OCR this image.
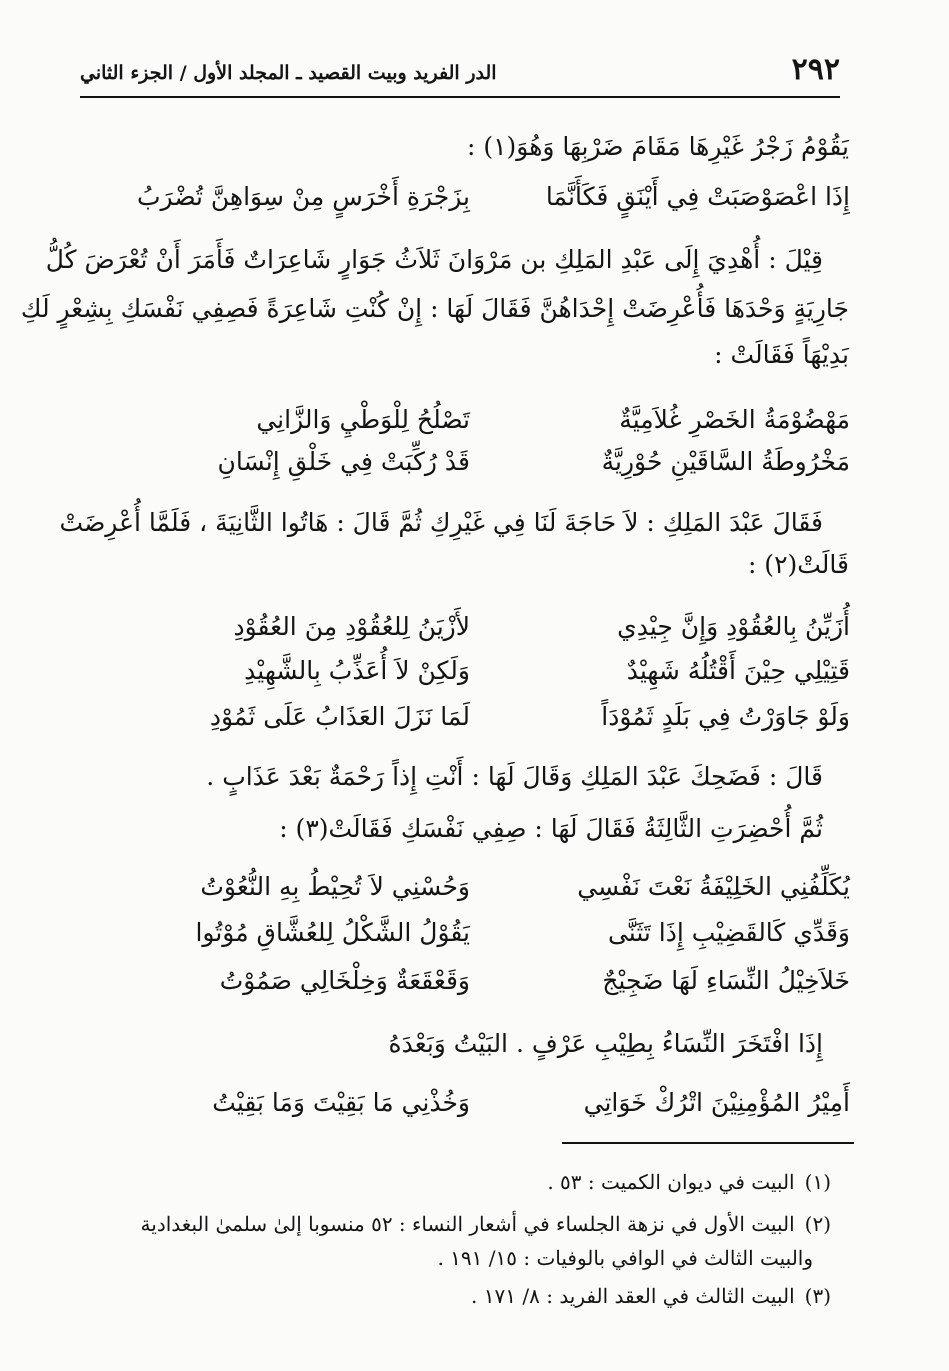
٢٩٢
الدر الفريد وبيت القصيد ـ المجلد الأول / الجزء الثاني
يَقُوْمُ زَجْرُ غَيْرِهَا مَقَامَ ضَرْبِهَا وَهُوَ(١) :
إِذَا اعْصَوْصَبَتْ فِي أَيْنَقٍ فَكَأَنَّمَا
بِزَجْرَةِ أَخْرَسٍ مِنْ سِوَاهِنَّ تُضْرَبُ
قِيْلَ : أُهْدِيَ إِلَى عَبْدِ المَلِكِ بن مَرْوَانَ ثَلاَثُ جَوَارٍ شَاعِرَاتٌ فَأَمَرَ أَنْ تُعْرَضَ كُلُّ
جَارِيَةٍ وَحْدَهَا فَأُعْرِضَتْ إِحْدَاهُنَّ فَقَالَ لَهَا : إِنْ كُنْتِ شَاعِرَةً فَصِفِي نَفْسَكِ بِشِعْرٍ لَكِ
بَدِيْهَاً فَقَالَتْ :
مَهْضُوْمَةُ الخَصْرِ غُلاَمِيَّةٌ
تَصْلُحُ لِلْوَطْيِ وَالزَّانِي
مَخْرُوطَةُ السَّاقَيْنِ حُوْرِيَّةٌ
قَدْ رُكِّبَتْ فِي خَلْقِ إِنْسَانِ
فَقَالَ عَبْدَ المَلِكِ : لاَ حَاجَةَ لَنَا فِي غَيْرِكِ ثُمَّ قَالَ : هَاتُوا الثَّانِيَةَ ، فَلَمَّا أُعْرِضَتْ
قَالَتْ(٢) :
أُزَيِّنُ بِالعُقُوْدِ وَإِنَّ جِيْدِي
لأَزْيَنُ لِلعُقُوْدِ مِنَ العُقُوْدِ
قَتِيْلِي حِيْنَ أَقْتُلُهُ شَهِيْدٌ
وَلَكِنْ لاَ أُعَذِّبُ بِالشَّهِيْدِ
وَلَوْ جَاوَرْتُ فِي بَلَدٍ ثَمُوْدَاً
لَمَا نَزَلَ العَذَابُ عَلَى ثَمُوْدِ
قَالَ : فَضَحِكَ عَبْدَ المَلِكِ وَقَالَ لَهَا : أَنْتِ إِذاً رَحْمَةٌ بَعْدَ عَذَابٍ .
ثُمَّ أُحْضِرَتِ الثَّالِثَةُ فَقَالَ لَهَا : صِفِي نَفْسَكِ فَقَالَتْ(٣) :
يُكَلِّفُنِي الخَلِيْفَةُ نَعْتَ نَفْسِي
وَحُسْنِي لاَ تُحِيْطُ بِهِ النُّعُوْتُ
وَقَدِّي كَالقَضِيْبِ إِذَا تَثَنَّى
يَقُوْلُ الشَّكْلُ لِلعُشَّاقِ مُوْتُوا
خَلاَخِيْلُ النِّسَاءِ لَهَا ضَجِيْجٌ
وَقَعْقَعَةٌ وَخِلْخَالِي صَمُوْتُ
إِذَا افْتَخَرَ النِّسَاءُ بِطِيْبِ عَرْفٍ . البَيْتُ وَبَعْدَهُ
أَمِيْرُ المُؤْمِنِيْنَ اتْرُكْ خَوَاتِي
وَخُذْنِي مَا بَقِيْتَ وَمَا بَقِيْتُ
(١)البيت في ديوان الكميت : ٥٣ .
(٢)البيت الأول في نزهة الجلساء في أشعار النساء : ٥٢ منسوبا إلىٰ سلمىٰ البغدادية
والبيت الثالث في الوافي بالوفيات : ١٥/ ١٩١ .
(٣)البيت الثالث في العقد الفريد : ٨/ ١٧١ .
